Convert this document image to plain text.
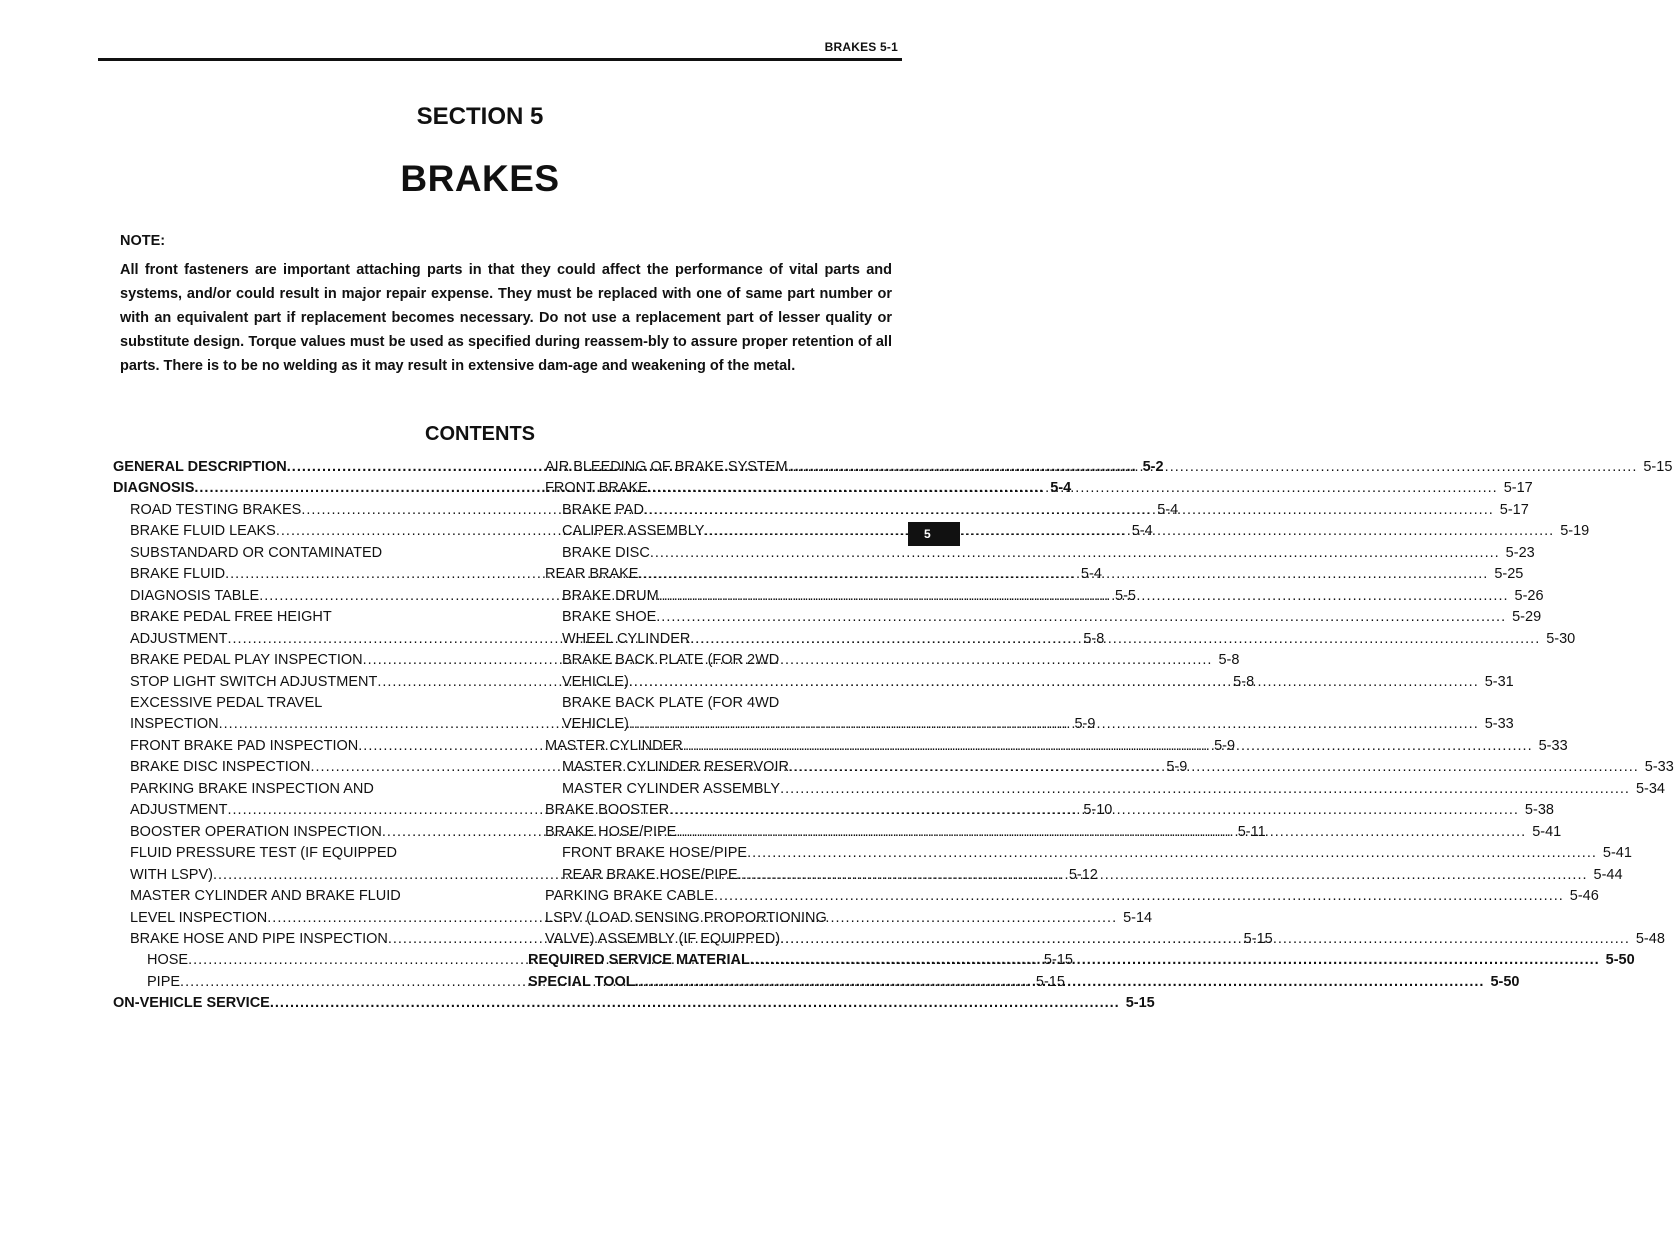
BRAKES 5-1
SECTION 5
BRAKES
NOTE:
All front fasteners are important attaching parts in that they could affect the performance of vital parts and systems, and/or could result in major repair expense. They must be replaced with one of same part number or with an equivalent part if replacement becomes necessary. Do not use a replacement part of lesser quality or substitute design. Torque values must be used as specified during reassem-bly to assure proper retention of all parts. There is to be no welding as it may result in extensive dam-age and weakening of the metal.
CONTENTS
GENERAL DESCRIPTION .....	5-2
DIAGNOSIS .....	5-4
ROAD TESTING BRAKES .....	5-4
BRAKE FLUID LEAKS .....	5-4
SUBSTANDARD OR CONTAMINATED
BRAKE FLUID .....	5-4
DIAGNOSIS TABLE .....	5-5
BRAKE PEDAL FREE HEIGHT
ADJUSTMENT .....	5-8
BRAKE PEDAL PLAY INSPECTION .....	5-8
STOP LIGHT SWITCH ADJUSTMENT .....	5-8
EXCESSIVE PEDAL TRAVEL
INSPECTION .....	5-9
FRONT BRAKE PAD INSPECTION .....	5-9
BRAKE DISC INSPECTION .....	5-9
PARKING BRAKE INSPECTION AND
ADJUSTMENT .....	5-10
BOOSTER OPERATION INSPECTION .....	5-11
FLUID PRESSURE TEST (IF EQUIPPED
WITH LSPV) .....	5-12
MASTER CYLINDER AND BRAKE FLUID
LEVEL INSPECTION .....	5-14
BRAKE HOSE AND PIPE INSPECTION .....	5-15
HOSE .....	5-15
PIPE .....	5-15
ON-VEHICLE SERVICE .....	5-15
AIR BLEEDING OF BRAKE SYSTEM .....	5-15
FRONT BRAKE .....	5-17
BRAKE PAD .....	5-17
CALIPER ASSEMBLY .....	5-19
BRAKE DISC .....	5-23
REAR BRAKE .....	5-25
BRAKE DRUM .....	5-26
BRAKE SHOE .....	5-29
WHEEL CYLINDER .....	5-30
BRAKE BACK PLATE (FOR 2WD
VEHICLE) .....	5-31
BRAKE BACK PLATE (FOR 4WD
VEHICLE) .....	5-33
MASTER CYLINDER .....	5-33
MASTER CYLINDER RESERVOIR .....	5-33
MASTER CYLINDER ASSEMBLY .....	5-34
BRAKE BOOSTER .....	5-38
BRAKE HOSE/PIPE .....	5-41
FRONT BRAKE HOSE/PIPE .....	5-41
REAR BRAKE HOSE/PIPE .....	5-44
PARKING BRAKE CABLE .....	5-46
LSPV (LOAD SENSING PROPORTIONING
VALVE) ASSEMBLY (IF EQUIPPED) .....	5-48
REQUIRED SERVICE MATERIAL .....	5-50
SPECIAL TOOL .....	5-50
5
